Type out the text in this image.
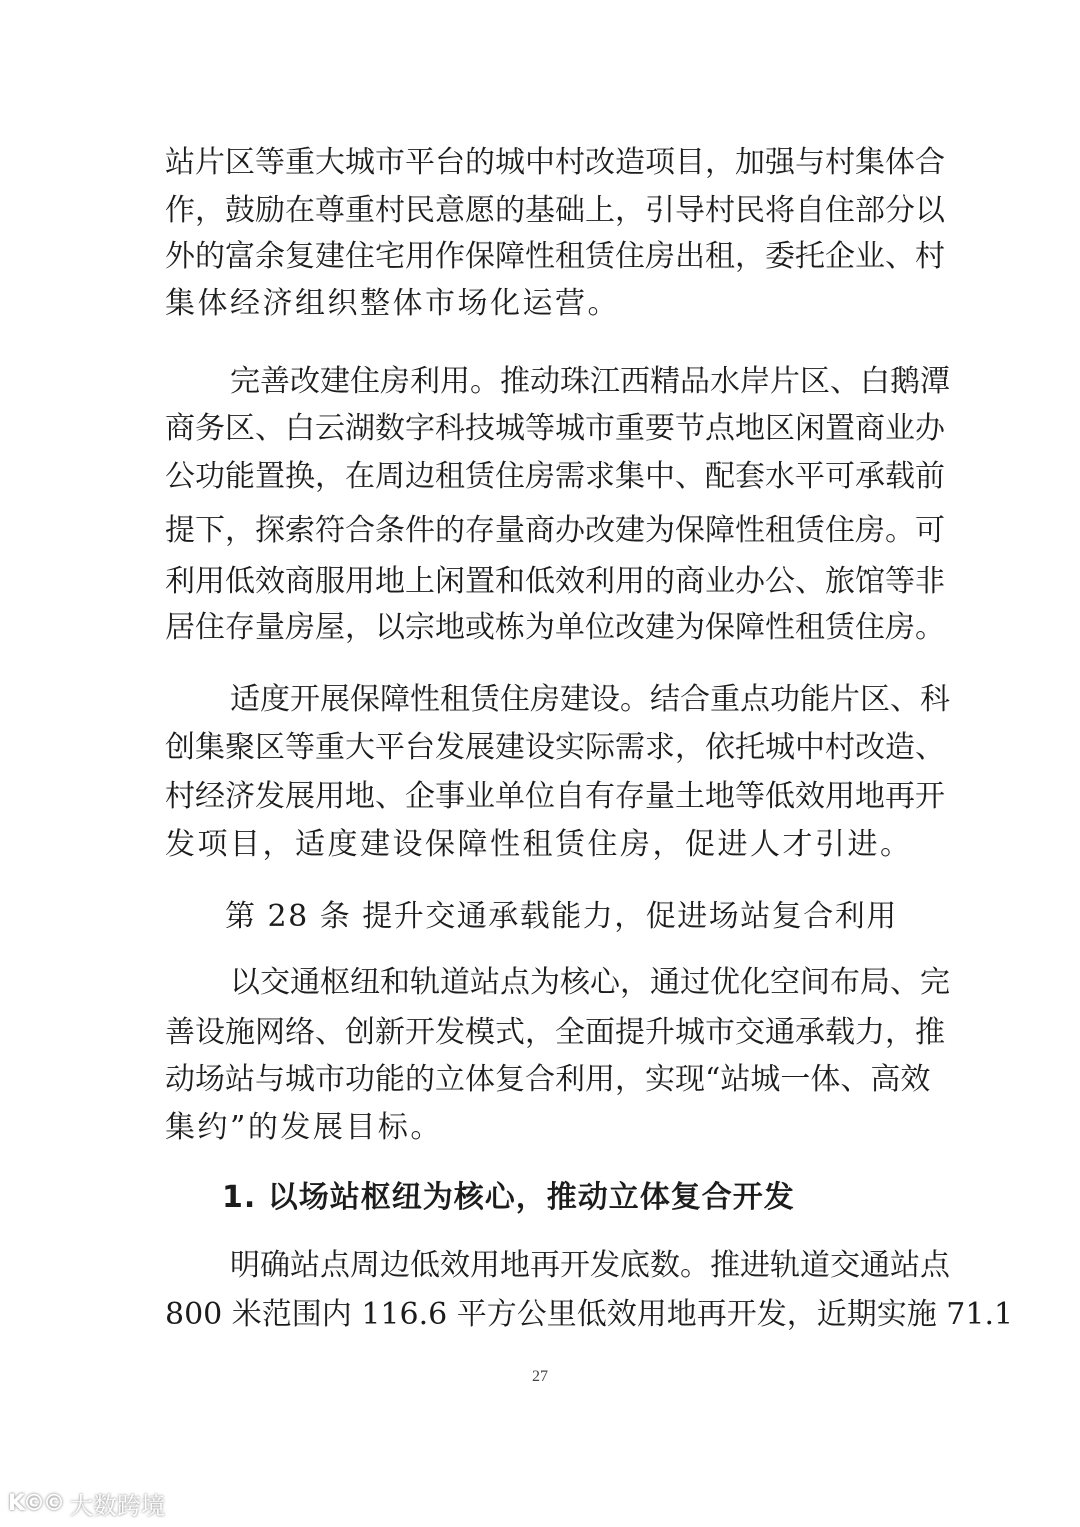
站片区等重大城市平台的城中村改造项目，加强与村集体合
作，鼓励在尊重村民意愿的基础上，引导村民将自住部分以
外的富余复建住宅用作保障性租赁住房出租，委托企业、村
集体经济组织整体市场化运营。
完善改建住房利用。推动珠江西精品水岸片区、白鹅潭
商务区、白云湖数字科技城等城市重要节点地区闲置商业办
公功能置换，在周边租赁住房需求集中、配套水平可承载前
提下，探索符合条件的存量商办改建为保障性租赁住房。可
利用低效商服用地上闲置和低效利用的商业办公、旅馆等非
居住存量房屋，以宗地或栋为单位改建为保障性租赁住房。
适度开展保障性租赁住房建设。结合重点功能片区、科
创集聚区等重大平台发展建设实际需求，依托城中村改造、
村经济发展用地、企事业单位自有存量土地等低效用地再开
发项目，适度建设保障性租赁住房，促进人才引进。
第 28 条 提升交通承载能力，促进场站复合利用
以交通枢纽和轨道站点为核心，通过优化空间布局、完
善设施网络、创新开发模式，全面提升城市交通承载力，推
动场站与城市功能的立体复合利用，实现“站城一体、高效
集约”的发展目标。
1. 以场站枢纽为核心，推动立体复合开发
明确站点周边低效用地再开发底数。推进轨道交通站点
800 米范围内 116.6 平方公里低效用地再开发，近期实施 71.1
27
K©© 大数跨境
